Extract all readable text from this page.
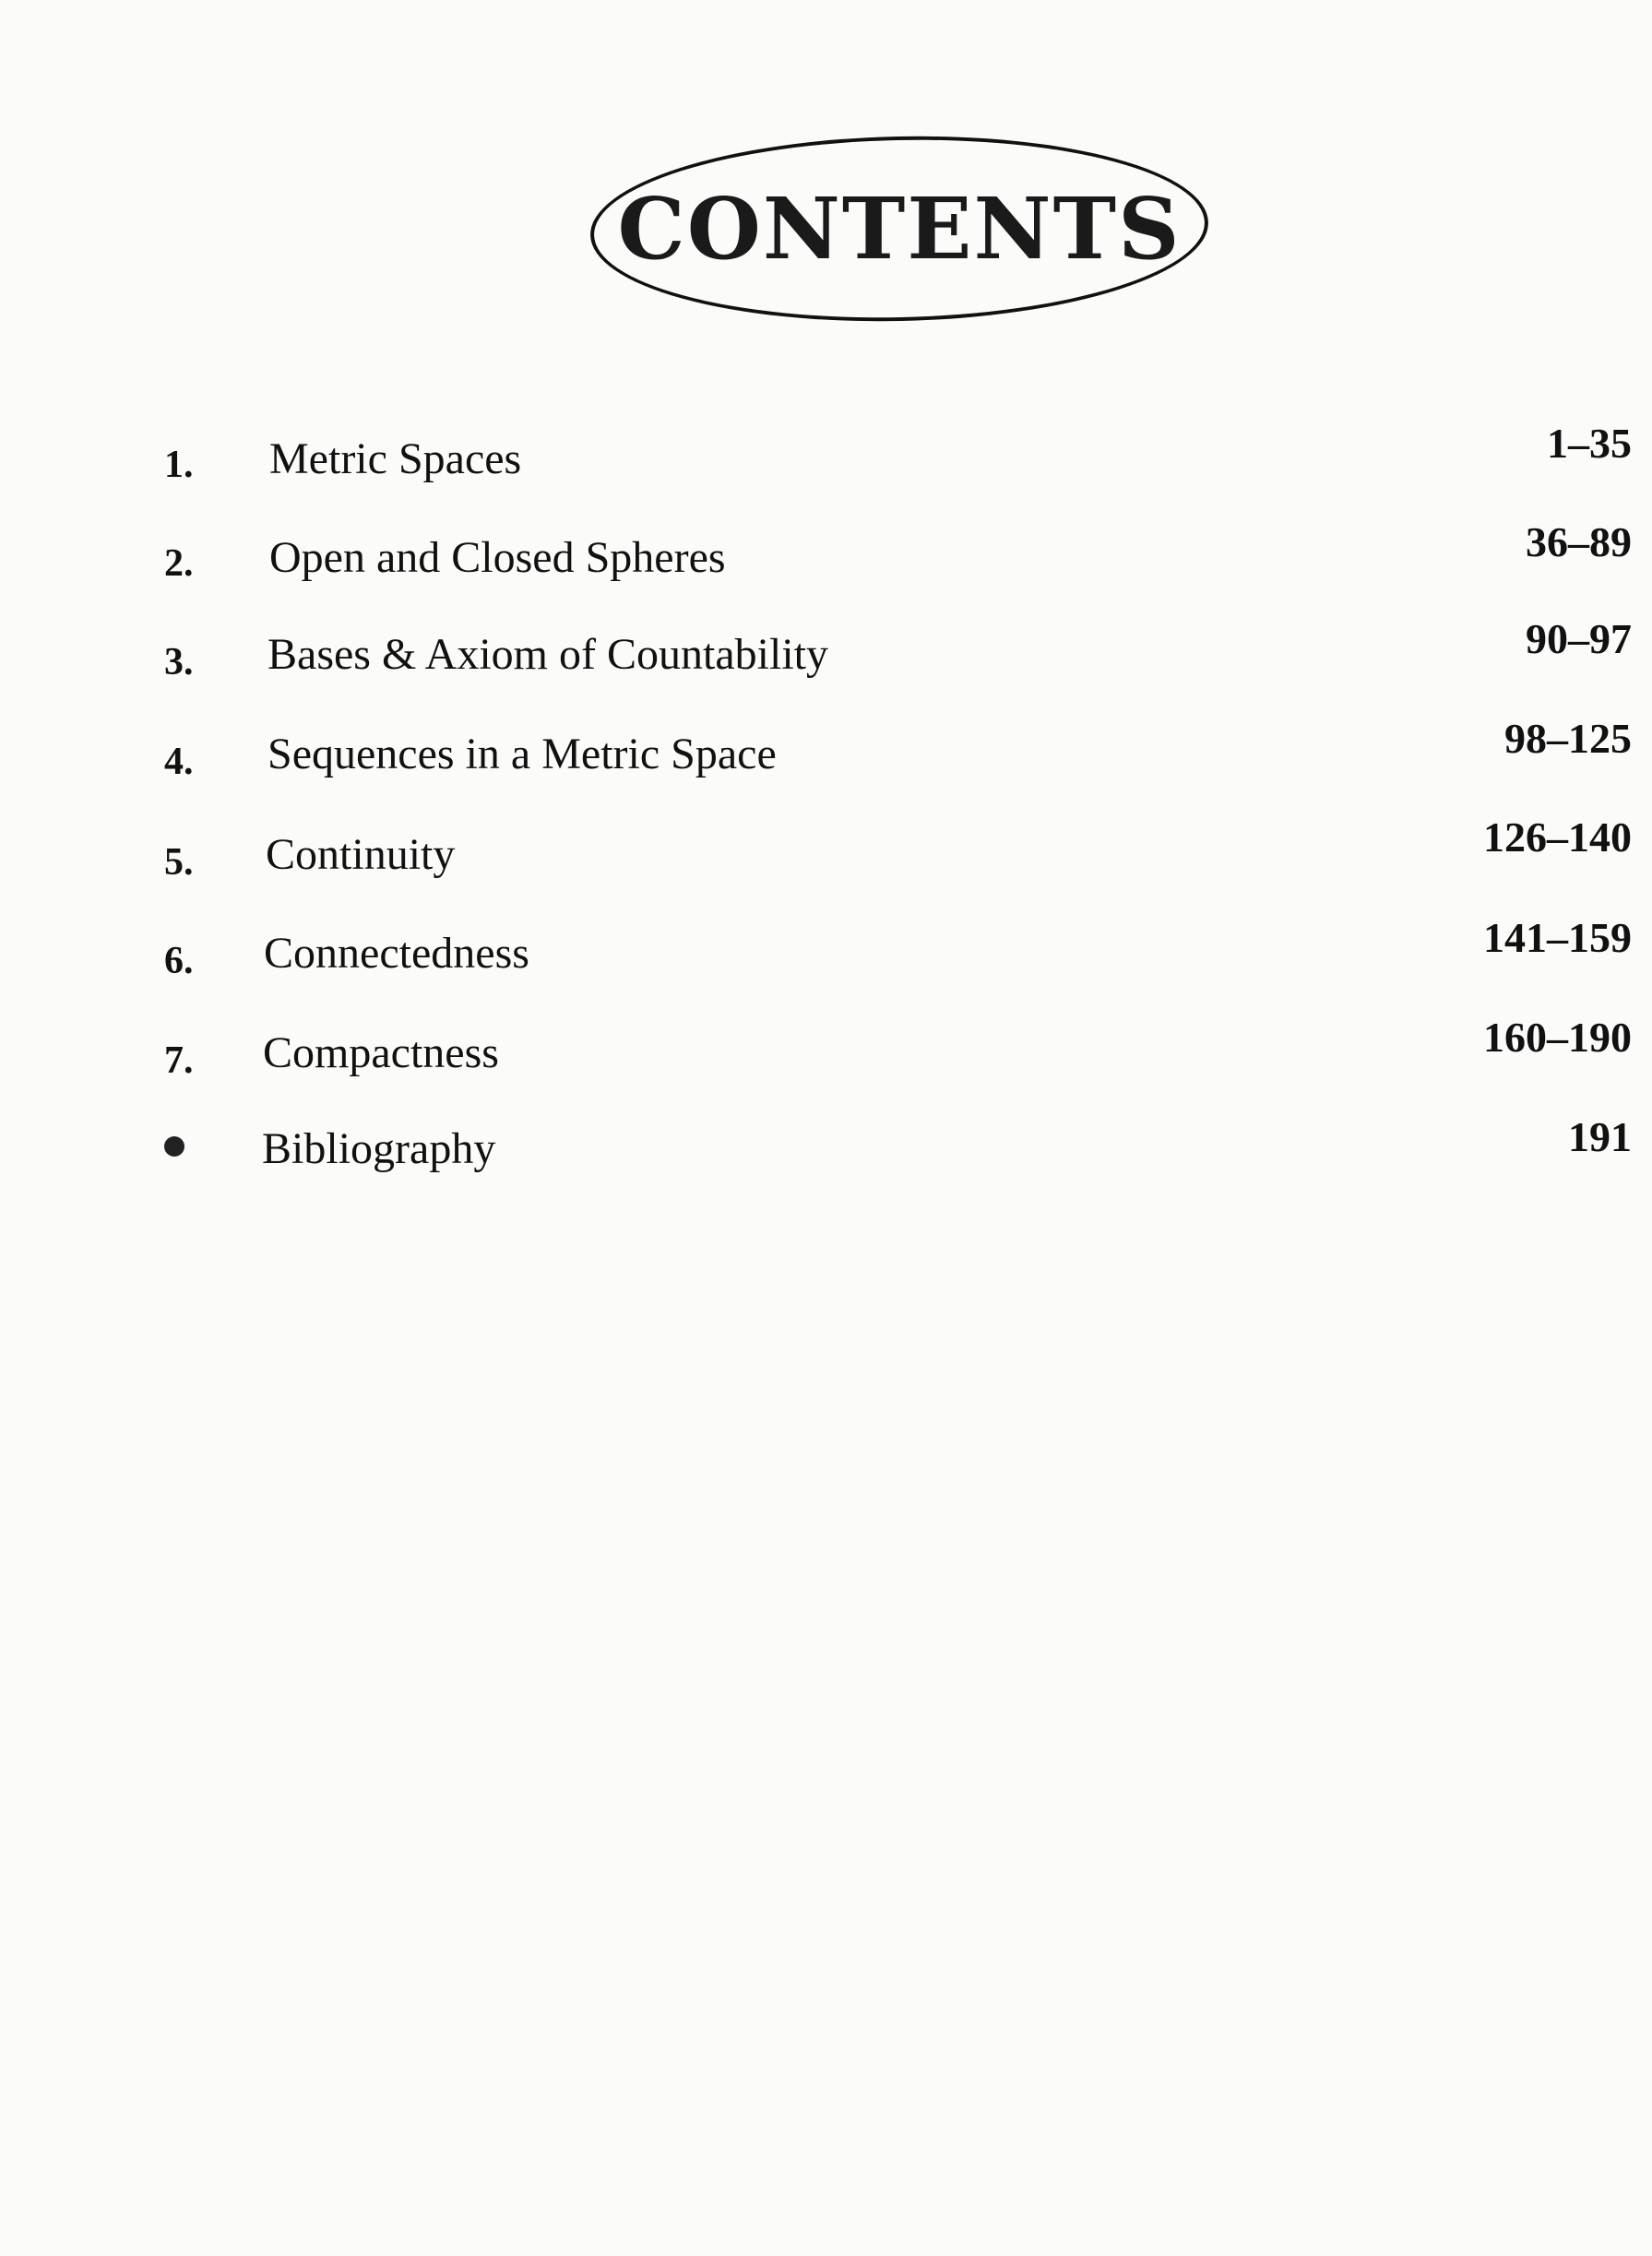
CONTENTS
1. Metric Spaces	1–35
2. Open and Closed Spheres	36–89
3. Bases & Axiom of Countability	90–97
4. Sequences in a Metric Space	98–125
5. Continuity	126–140
6. Connectedness	141–159
7. Compactness	160–190
Bibliography	191
